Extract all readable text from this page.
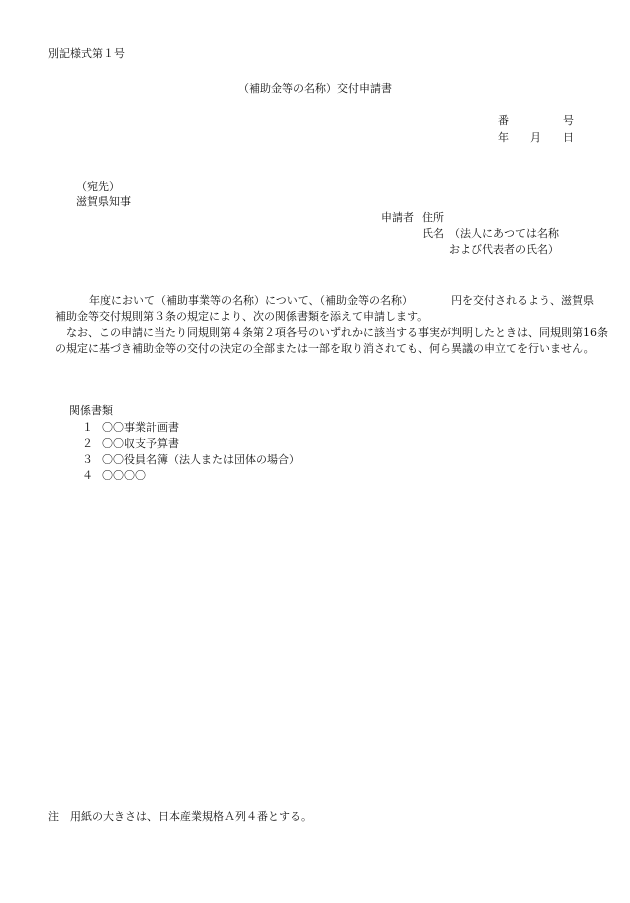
別記様式第１号
（補助金等の名称）交付申請書
番	号
年 月 日
（宛先）
滋賀県知事
申請者 住所
氏名 （法人にあつては名称
および代表者の氏名）
年度において（補助事業等の名称）について、（補助金等の名称）	円を交付されるよう、滋賀県
補助金等交付規則第３条の規定により、次の関係書類を添えて申請します。
なお、この申請に当たり同規則第４条第２項各号のいずれかに該当する事実が判明したときは、同規則第16条
の規定に基づき補助金等の交付の決定の全部または一部を取り消されても、何ら異議の申立てを行いません。
関係書類
１ 〇〇事業計画書
２ 〇〇収支予算書
３ 〇〇役員名簿（法人または団体の場合）
４ 〇〇〇〇
注　用紙の大きさは、日本産業規格Ａ列４番とする。
